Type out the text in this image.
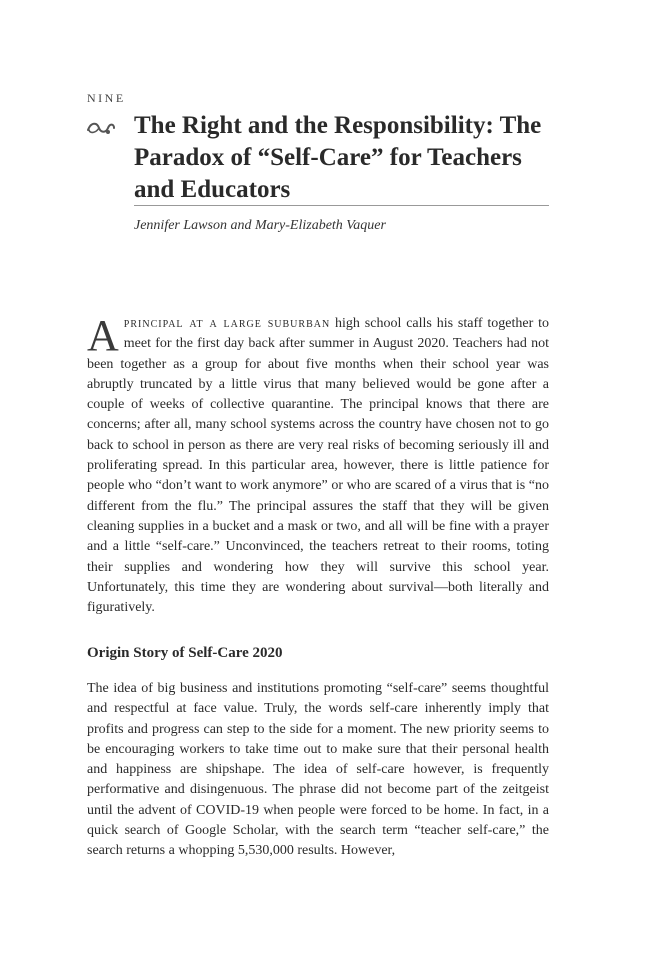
NINE
The Right and the Responsibility: The Paradox of “Self-Care” for Teachers and Educators
Jennifer Lawson and Mary-Elizabeth Vaquer

Aprincipal at a large suburban high school calls his staff together to meet for the first day back after summer in August 2020. Teachers had not been together as a group for about five months when their school year was abruptly truncated by a little virus that many believed would be gone after a couple of weeks of collective quarantine. The principal knows that there are concerns; after all, many school systems across the country have chosen not to go back to school in person as there are very real risks of becoming seriously ill and proliferating spread. In this particular area, however, there is little patience for people who “don’t want to work anymore” or who are scared of a virus that is “no different from the flu.” The principal assures the staff that they will be given cleaning supplies in a bucket and a mask or two, and all will be fine with a prayer and a little “self-care.” Unconvinced, the teachers retreat to their rooms, toting their supplies and wondering how they will survive this school year. Unfortunately, this time they are wondering about survival—both literally and figuratively.

Origin Story of Self-Care 2020

The idea of big business and institutions promoting “self-care” seems thoughtful and respectful at face value. Truly, the words self-care inherently imply that profits and progress can step to the side for a moment. The new priority seems to be encouraging workers to take time out to make sure that their personal health and happiness are shipshape. The idea of self-care however, is frequently performative and disingenuous. The phrase did not become part of the zeitgeist until the advent of COVID-19 when people were forced to be home. In fact, in a quick search of Google Scholar, with the search term “teacher self-care,” the search returns a whopping 5,530,000 results. However,
